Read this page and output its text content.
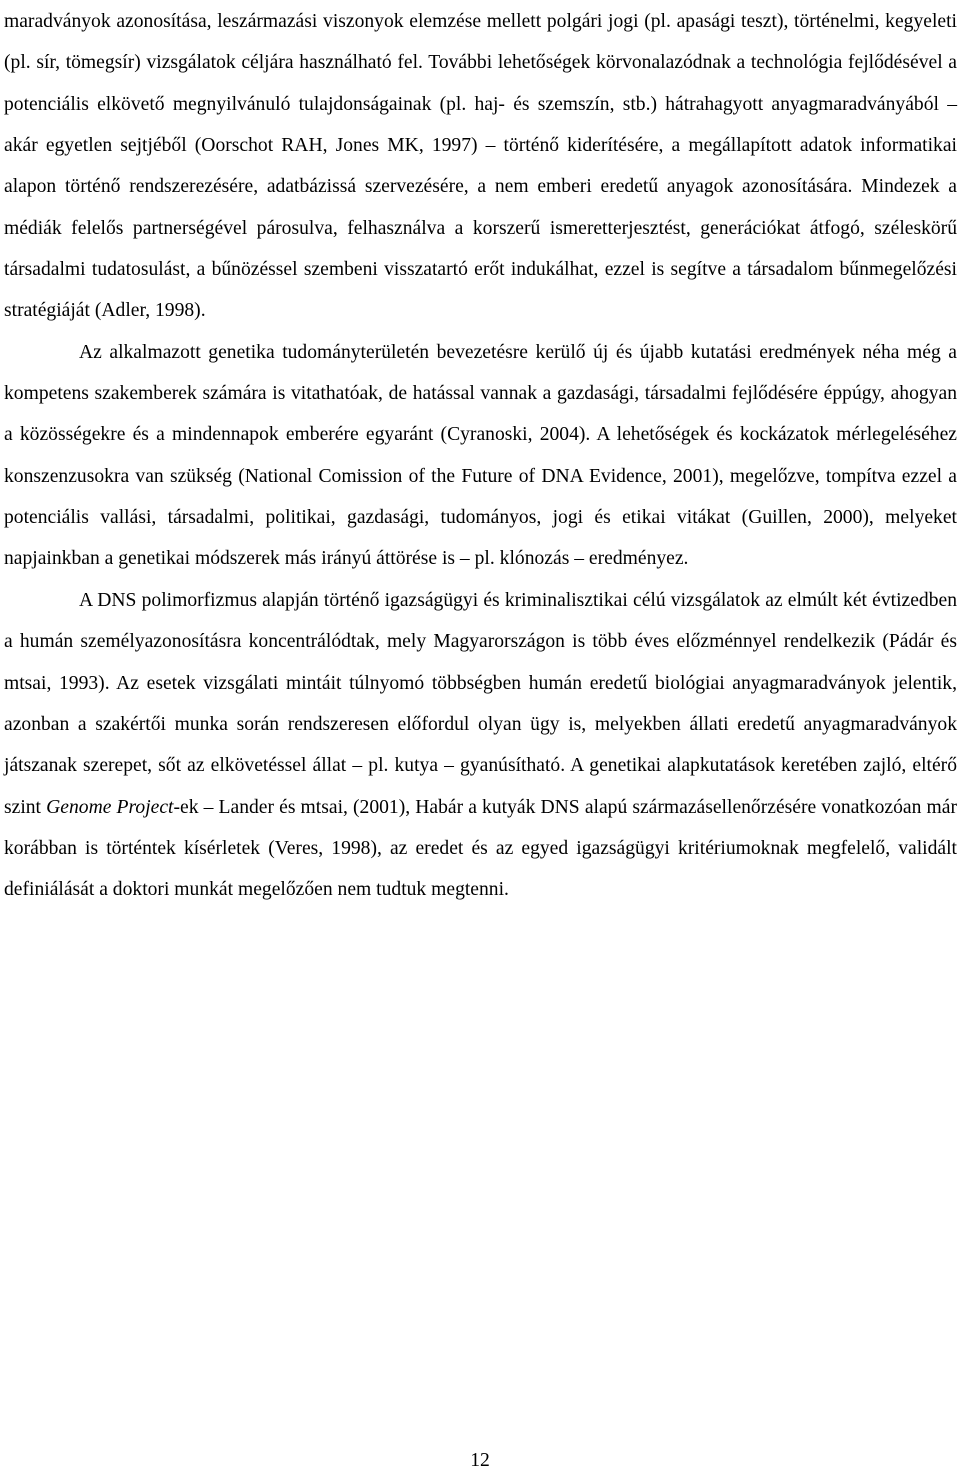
maradványok azonosítása, leszármazási viszonyok elemzése mellett polgári jogi (pl. apasági teszt), történelmi, kegyeleti (pl. sír, tömegsír) vizsgálatok céljára használható fel. További lehetőségek körvonalazódnak a technológia fejlődésével a potenciális elkövető megnyilvánuló tulajdonságainak (pl. haj- és szemszín, stb.) hátrahagyott anyagmaradványából – akár egyetlen sejtjéből (Oorschot RAH, Jones MK, 1997) – történő kiderítésére, a megállapított adatok informatikai alapon történő rendszerezésére, adatbázissá szervezésére, a nem emberi eredetű anyagok azonosítására. Mindezek a médiák felelős partnerségével párosulva, felhasználva a korszerű ismeretterjesztést, generációkat átfogó, széleskörű társadalmi tudatosulást, a bűnözéssel szembeni visszatartó erőt indukálhat, ezzel is segítve a társadalom bűnmegelőzési stratégiáját (Adler, 1998).

Az alkalmazott genetika tudományterületén bevezetésre kerülő új és újabb kutatási eredmények néha még a kompetens szakemberek számára is vitathatóak, de hatással vannak a gazdasági, társadalmi fejlődésére éppúgy, ahogyan a közösségekre és a mindennapok emberére egyaránt (Cyranoski, 2004). A lehetőségek és kockázatok mérlegeléséhez konszenzusokra van szükség (National Comission of the Future of DNA Evidence, 2001), megelőzve, tompítva ezzel a potenciális vallási, társadalmi, politikai, gazdasági, tudományos, jogi és etikai vitákat (Guillen, 2000), melyeket napjainkban a genetikai módszerek más irányú áttörése is – pl. klónozás – eredményez.

A DNS polimorfizmus alapján történő igazságügyi és kriminalisztikai célú vizsgálatok az elmúlt két évtizedben a humán személyazonosításra koncentrálódtak, mely Magyarországon is több éves előzménnyel rendelkezik (Pádár és mtsai, 1993). Az esetek vizsgálati mintáit túlnyomó többségben humán eredetű biológiai anyagmaradványok jelentik, azonban a szakértői munka során rendszeresen előfordul olyan ügy is, melyekben állati eredetű anyagmaradványok játszanak szerepet, sőt az elkövetéssel állat – pl. kutya – gyanúsítható. A genetikai alapkutatások keretében zajló, eltérő szint Genome Project-ek – Lander és mtsai, (2001), Habár a kutyák DNS alapú származásellenőrzésére vonatkozóan már korábban is történtek kísérletek (Veres, 1998), az eredet és az egyed igazságügyi kritériumoknak megfelelő, validált definiálását a doktori munkát megelőzően nem tudtuk megtenni.

12
